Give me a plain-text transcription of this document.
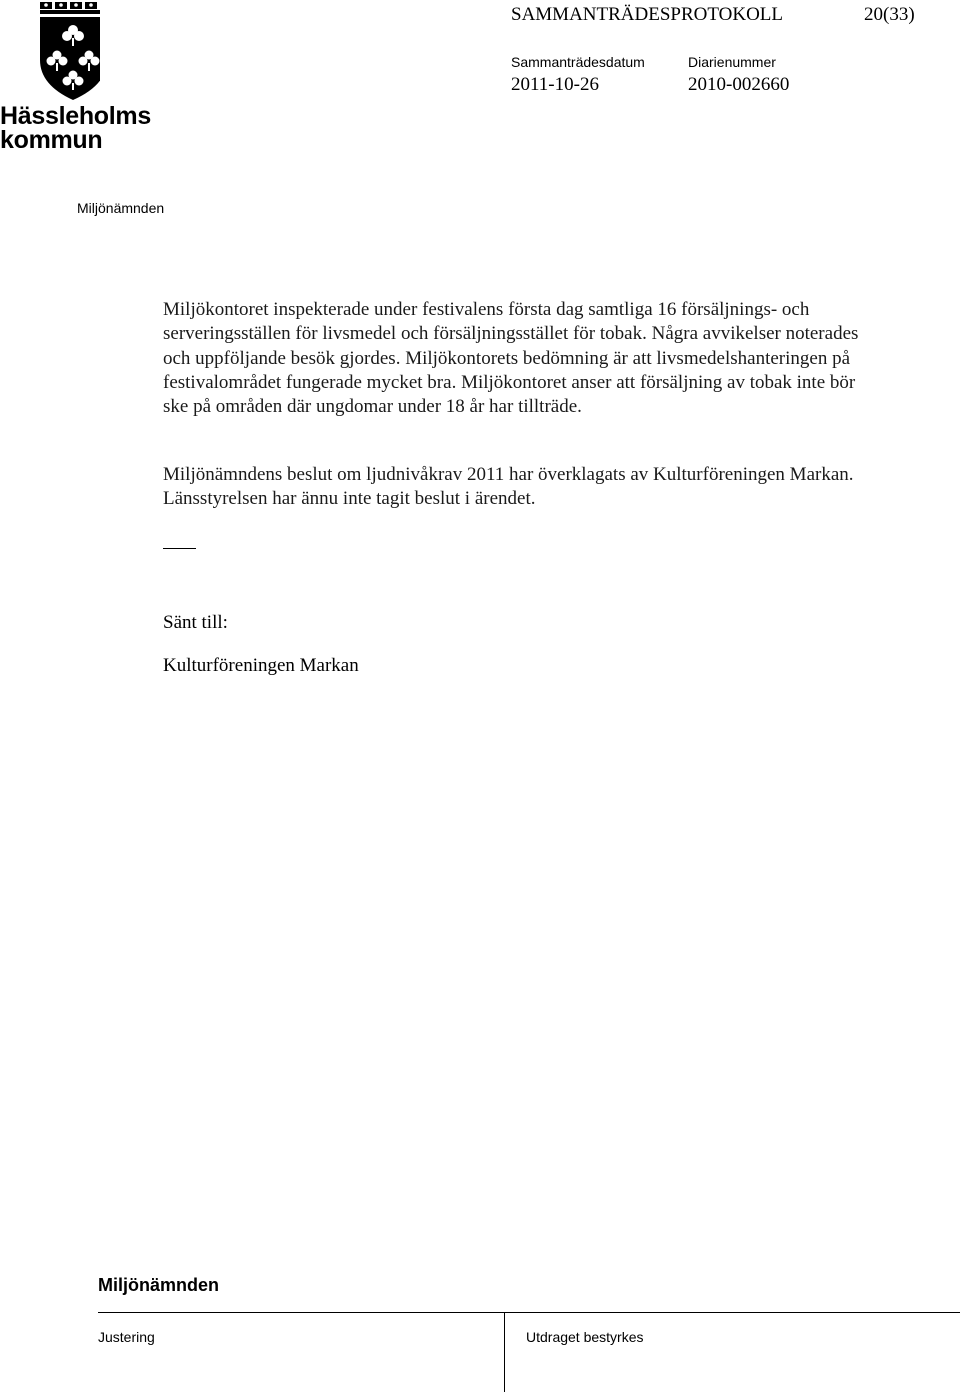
Hässleholms
kommun
SAMMANTRÄDESPROTOKOLL	20(33)
Sammanträdesdatum	Diarienummer
2011-10-26	2010-002660
Miljönämnden

Miljökontoret inspekterade under festivalens första dag samtliga 16 försäljnings- och serveringsställen för livsmedel och försäljningsstället för tobak. Några avvikelser noterades och uppföljande besök gjordes. Miljökontorets bedömning är att livsmedelshanteringen på festivalområdet fungerade mycket bra. Miljökontoret anser att försäljning av tobak inte bör ske på områden där ungdomar under 18 år har tillträde.

Miljönämndens beslut om ljudnivåkrav 2011 har överklagats av Kulturföreningen Markan. Länsstyrelsen har ännu inte tagit beslut i ärendet.

Sänt till:
Kulturföreningen Markan
Miljönämnden
Justering	Utdraget bestyrkes
